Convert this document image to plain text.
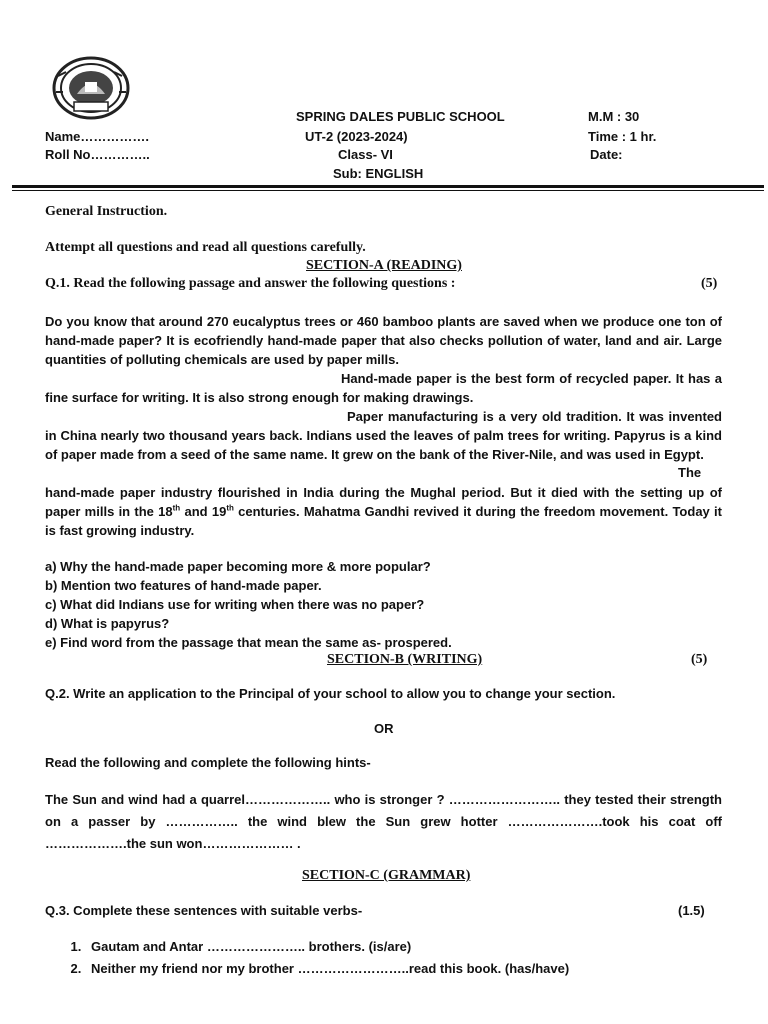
SPRING DALES PUBLIC SCHOOL
UT-2 (2023-2024)
Class- VI
Sub: ENGLISH
Name…………….
Roll No…………..
M.M : 30
Time : 1 hr.
Date:
General Instruction.
Attempt all questions and read all questions carefully.
SECTION-A (READING)
Q.1. Read the following passage and answer the following questions :	(5)
Do you know that around 270 eucalyptus trees or 460 bamboo plants are saved when we produce one ton of hand-made paper? It is ecofriendly hand-made paper that also checks pollution of water, land and air. Large quantities of polluting chemicals are used by paper mills.
Hand-made paper is the best form of recycled paper. It has a fine surface for writing. It is also strong enough for making drawings.
Paper manufacturing is a very old tradition. It was invented in China nearly two thousand years back. Indians used the leaves of palm trees for writing. Papyrus is a kind of paper made from a seed of the same name. It grew on the bank of the River-Nile, and was used in Egypt.
The
hand-made paper industry flourished in India during the Mughal period. But it died with the setting up of paper mills in the 18th and 19th centuries. Mahatma Gandhi revived it during the freedom movement. Today it is fast growing industry.
a) Why the hand-made paper becoming more & more popular?
b) Mention two features of hand-made paper.
c) What did Indians use for writing when there was no paper?
d) What is papyrus?
e) Find word from the passage that mean the same as- prospered.
SECTION-B (WRITING)	(5)
Q.2. Write an application to the Principal of your school to allow you to change your section.
OR
Read the following and complete the following hints-
The Sun and wind had a quarrel……………….. who is stronger ? …………………….. they tested their strength on a passer by …………….. the wind blew the Sun grew hotter ………………….took his coat off ……………….the sun won………………… .
SECTION-C (GRAMMAR)
Q.3. Complete these sentences with suitable verbs-	(1.5)
1. Gautam and Antar ………………….. brothers. (is/are)
2. Neither my friend nor my brother ……………………..read this book. (has/have)
